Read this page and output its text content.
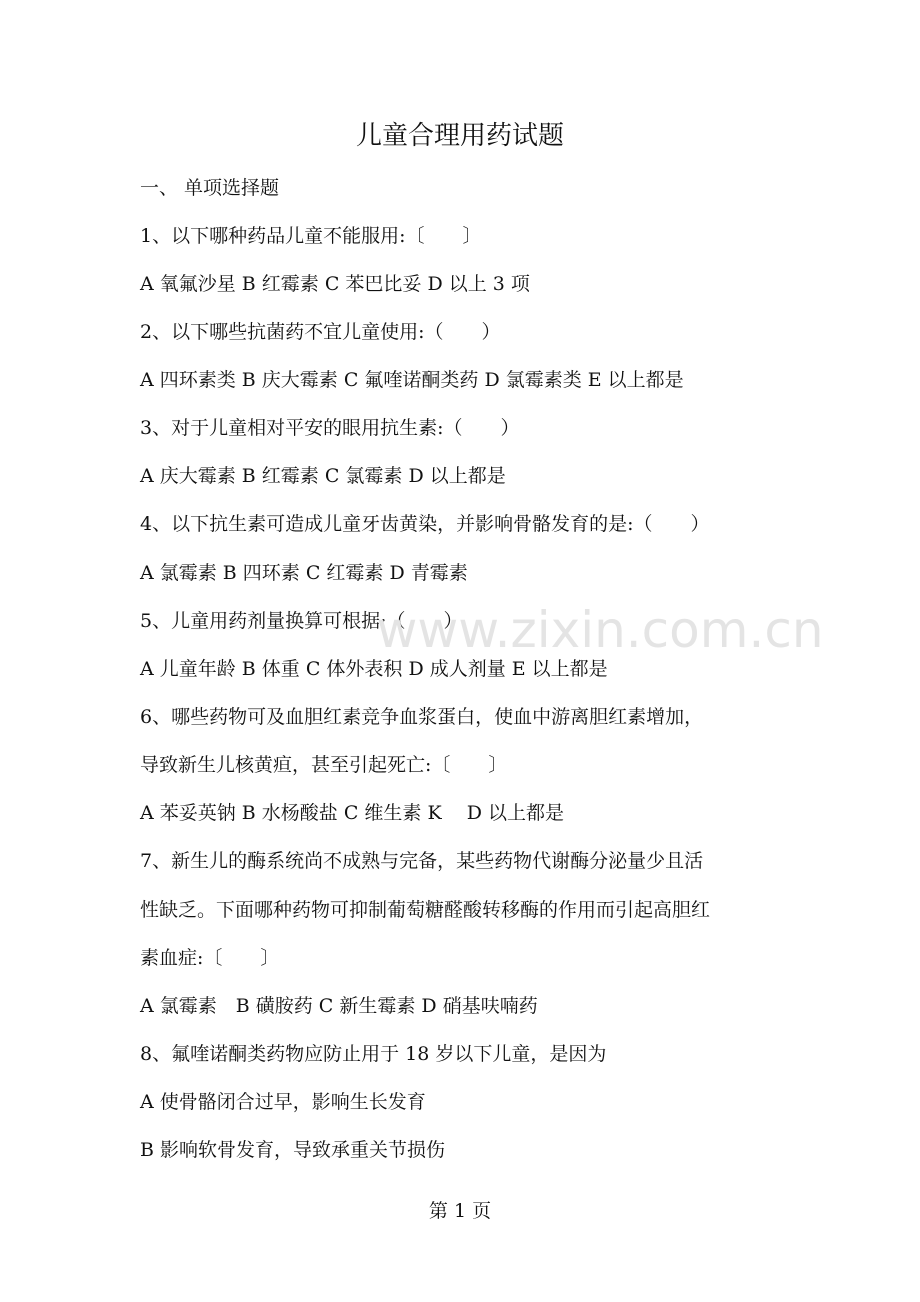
儿童合理用药试题
一、 单项选择题
1、以下哪种药品儿童不能服用:〔　　〕
A 氧氟沙星 B 红霉素 C 苯巴比妥 D 以上 3 项
2、以下哪些抗菌药不宜儿童使用:（　　）
A 四环素类 B 庆大霉素 C 氟喹诺酮类药 D 氯霉素类 E 以上都是
3、对于儿童相对平安的眼用抗生素:（　　）
A 庆大霉素 B 红霉素 C 氯霉素 D 以上都是
4、以下抗生素可造成儿童牙齿黄染，并影响骨骼发育的是:（　　）
A 氯霉素 B 四环素 C 红霉素 D 青霉素
5、儿童用药剂量换算可根据:（　　）
A 儿童年龄 B 体重 C 体外表积 D 成人剂量 E 以上都是
6、哪些药物可及血胆红素竞争血浆蛋白，使血中游离胆红素增加，
导致新生儿核黄疸，甚至引起死亡:〔　　〕
A 苯妥英钠 B 水杨酸盐 C 维生素 K　 D 以上都是
7、新生儿的酶系统尚不成熟与完备，某些药物代谢酶分泌量少且活
性缺乏。下面哪种药物可抑制葡萄糖醛酸转移酶的作用而引起高胆红
素血症:〔　　〕
A 氯霉素　B 磺胺药 C 新生霉素 D 硝基呋喃药
8、氟喹诺酮类药物应防止用于 18 岁以下儿童，是因为
A 使骨骼闭合过早，影响生长发育
B 影响软骨发育，导致承重关节损伤
www.zixin.com.cn
第 1 页
